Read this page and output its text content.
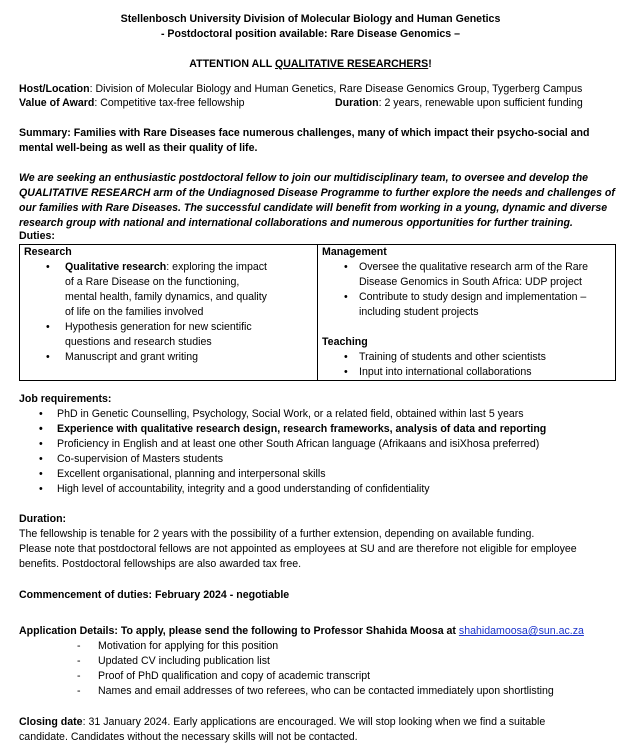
Stellenbosch University Division of Molecular Biology and Human Genetics
- Postdoctoral position available: Rare Disease Genomics –
ATTENTION ALL QUALITATIVE RESEARCHERS!
Host/Location: Division of Molecular Biology and Human Genetics, Rare Disease Genomics Group, Tygerberg Campus
Value of Award: Competitive tax-free fellowship	Duration: 2 years, renewable upon sufficient funding
Summary: Families with Rare Diseases face numerous challenges, many of which impact their psycho-social and
mental well-being as well as their quality of life.
We are seeking an enthusiastic postdoctoral fellow to join our multidisciplinary team, to oversee and develop the
QUALITATIVE RESEARCH arm of the Undiagnosed Disease Programme to further explore the needs and challenges of
our families with Rare Diseases. The successful candidate will benefit from working in a young, dynamic and diverse
research group with national and international collaborations and numerous opportunities for further training.
Duties:
Research
• Qualitative research: exploring the impact of a Rare Disease on the functioning, mental health, family dynamics, and quality of life on the families involved
• Hypothesis generation for new scientific questions and research studies
• Manuscript and grant writing

Management
• Oversee the qualitative research arm of the Rare Disease Genomics in South Africa: UDP project
• Contribute to study design and implementation – including student projects
Teaching
• Training of students and other scientists
• Input into international collaborations
Job requirements:
• PhD in Genetic Counselling, Psychology, Social Work, or a related field, obtained within last 5 years
• Experience with qualitative research design, research frameworks, analysis of data and reporting
• Proficiency in English and at least one other South African language (Afrikaans and isiXhosa preferred)
• Co-supervision of Masters students
• Excellent organisational, planning and interpersonal skills
• High level of accountability, integrity and a good understanding of confidentiality
Duration:
The fellowship is tenable for 2 years with the possibility of a further extension, depending on available funding.
Please note that postdoctoral fellows are not appointed as employees at SU and are therefore not eligible for employee
benefits. Postdoctoral fellowships are also awarded tax free.
Commencement of duties: February 2024 - negotiable
Application Details: To apply, please send the following to Professor Shahida Moosa at shahidamoosa@sun.ac.za
- Motivation for applying for this position
- Updated CV including publication list
- Proof of PhD qualification and copy of academic transcript
- Names and email addresses of two referees, who can be contacted immediately upon shortlisting
Closing date: 31 January 2024. Early applications are encouraged. We will stop looking when we find a suitable
candidate. Candidates without the necessary skills will not be contacted.
